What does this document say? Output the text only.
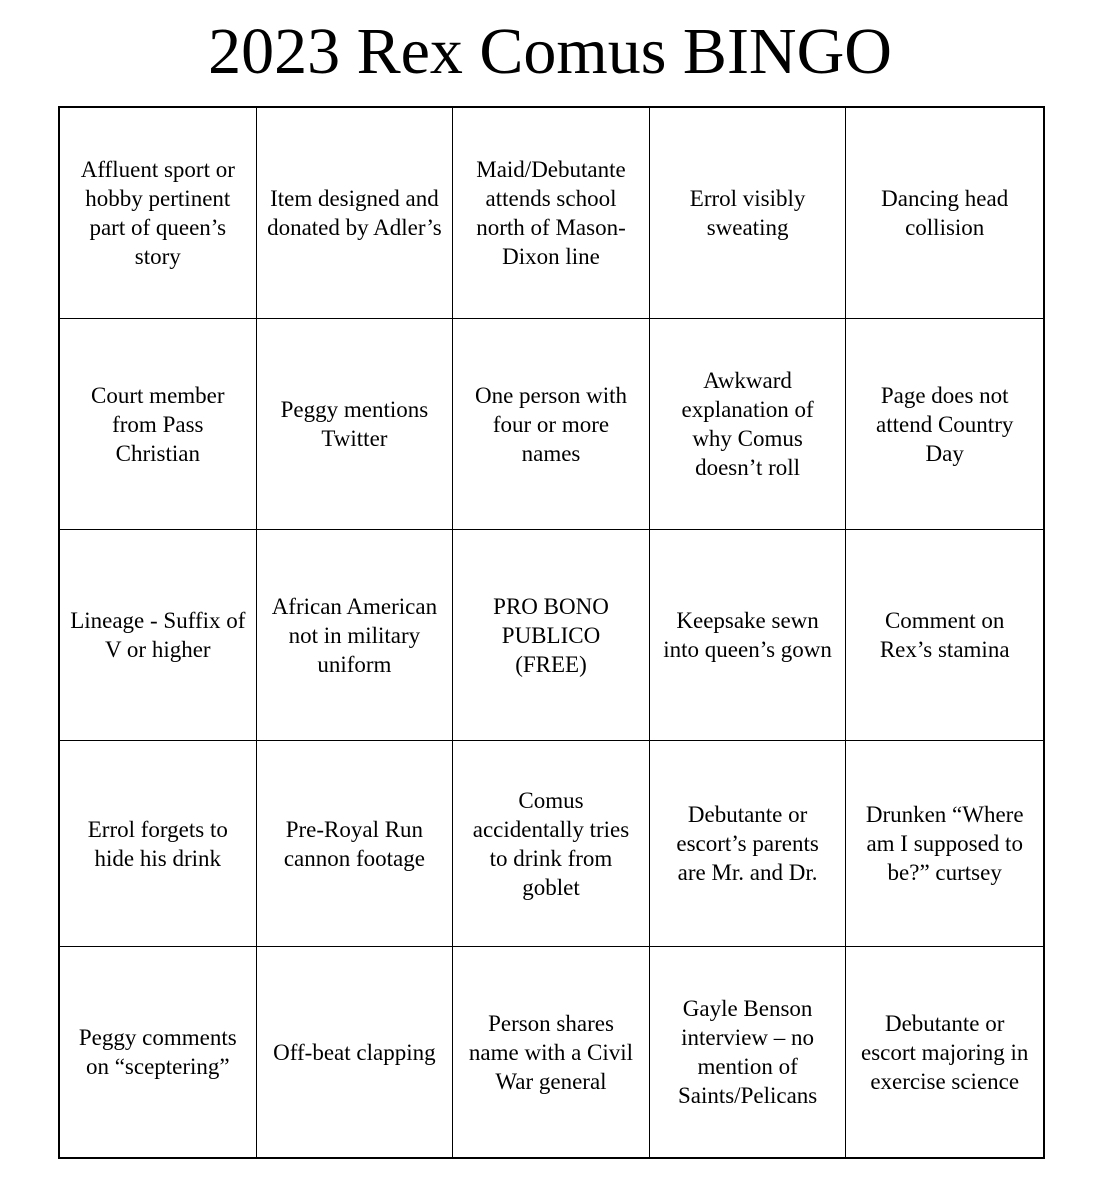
2023 Rex Comus BINGO
Affluent sport or hobby pertinent part of queen’s story
Item designed and donated by Adler’s
Maid/Debutante attends school north of Mason-Dixon line
Errol visibly sweating
Dancing head collision
Court member from Pass Christian
Peggy mentions Twitter
One person with four or more names
Awkward explanation of why Comus doesn’t roll
Page does not attend Country Day
Lineage - Suffix of V or higher
African American not in military uniform
PRO BONO PUBLICO (FREE)
Keepsake sewn into queen’s gown
Comment on Rex’s stamina
Errol forgets to hide his drink
Pre-Royal Run cannon footage
Comus accidentally tries to drink from goblet
Debutante or escort’s parents are Mr. and Dr.
Drunken “Where am I supposed to be?” curtsey
Peggy comments on “sceptering”
Off-beat clapping
Person shares name with a Civil War general
Gayle Benson interview – no mention of Saints/Pelicans
Debutante or escort majoring in exercise science
